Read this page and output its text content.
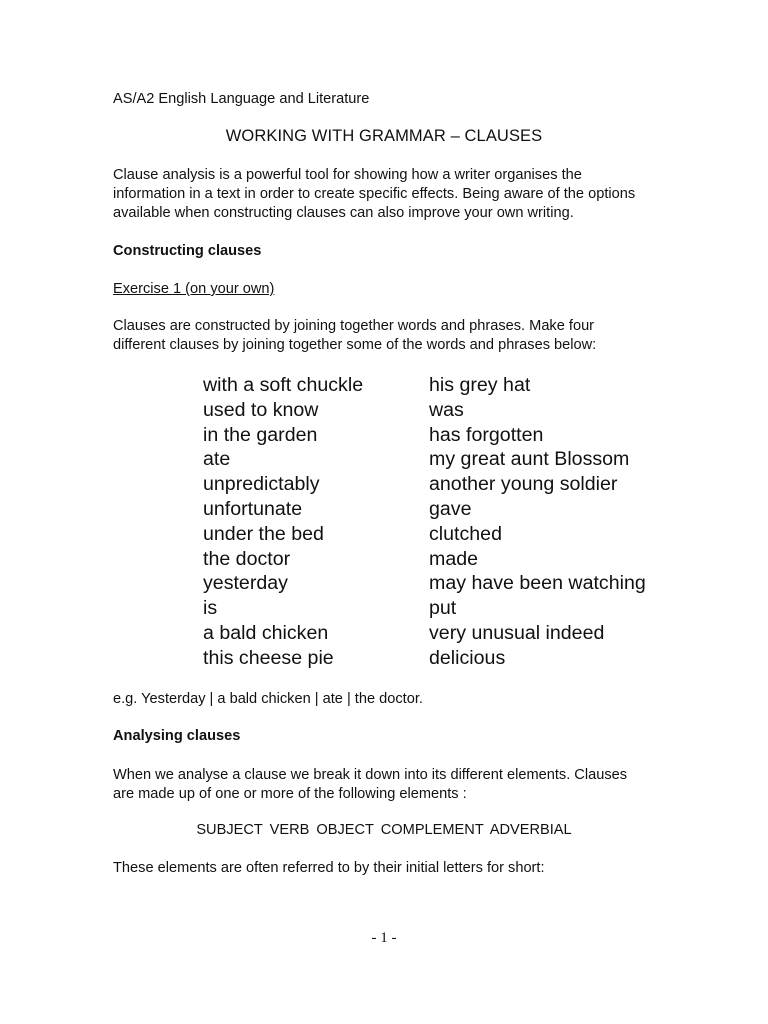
AS/A2 English Language and Literature
WORKING WITH GRAMMAR – CLAUSES

Clause analysis is a powerful tool for showing how a writer organises the

information in a text in order to create specific effects. Being aware of the options

available when constructing clauses can also improve your own writing.

Constructing clauses
Exercise 1 (on your own)

Clauses are constructed by joining together words and phrases. Make four

different clauses by joining together some of the words and phrases below:

with a soft chuckle
used to know
in the garden
ate
unpredictably
unfortunate
under the bed
the doctor
yesterday
is
a bald chicken
this cheese pie
his grey hat
was
has forgotten
my great aunt Blossom
another young soldier
gave
clutched
made
may have been watching
put
very unusual indeed
delicious
e.g. Yesterday | a bald chicken | ate | the doctor.
Analysing clauses

When we analyse a clause we break it down into its different elements. Clauses

are made up of one or more of the following elements :

SUBJECT VERB OBJECT COMPLEMENT ADVERBIAL
These elements are often referred to by their initial letters for short:
- 1 -
